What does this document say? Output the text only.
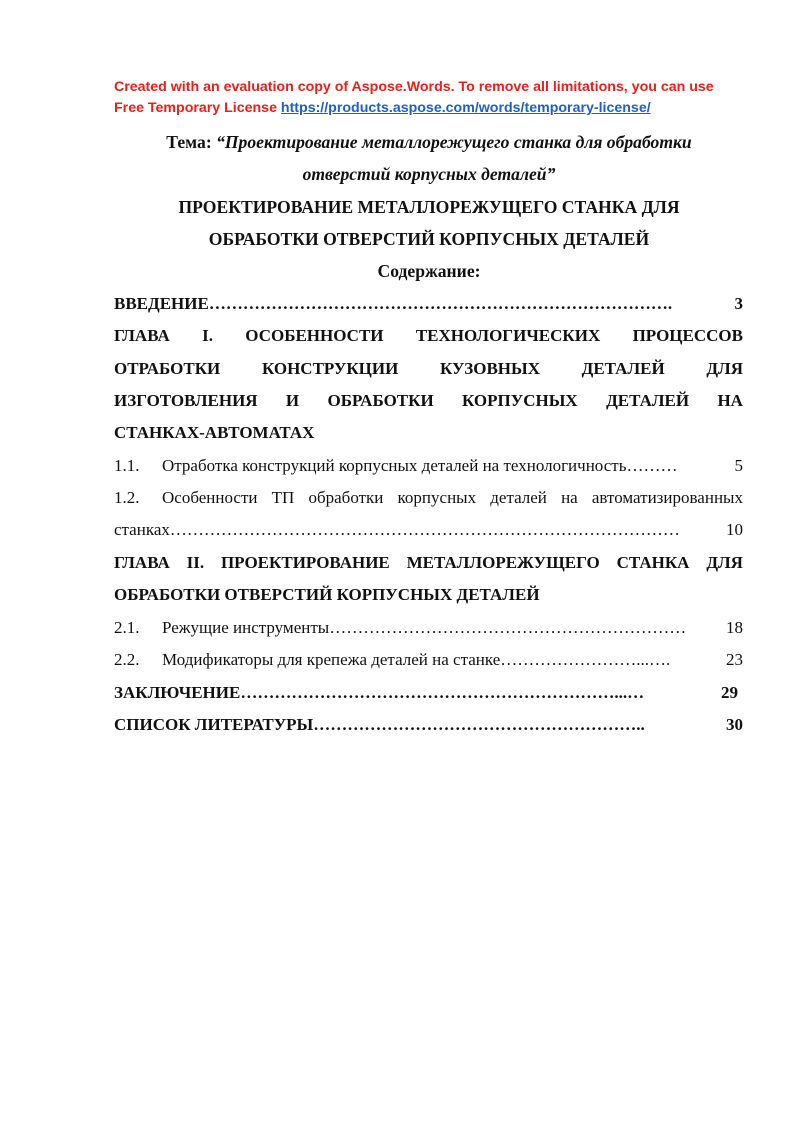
Created with an evaluation copy of Aspose.Words. To remove all limitations, you can use
Free Temporary License https://products.aspose.com/words/temporary-license/
Тема: “Проектирование металлорежущего станка для обработки
отверстий корпусных деталей”
ПРОЕКТИРОВАНИЕ МЕТАЛЛОРЕЖУЩЕГО СТАНКА ДЛЯ
ОБРАБОТКИ ОТВЕРСТИЙ КОРПУСНЫХ ДЕТАЛЕЙ
Содержание:
ВВЕДЕНИЕ ……………………………………………………………………….	3
ГЛАВА I. ОСОБЕННОСТИ ТЕХНОЛОГИЧЕСКИХ ПРОЦЕССОВ
ОТРАБОТКИ КОНСТРУКЦИИ КУЗОВНЫХ ДЕТАЛЕЙ ДЛЯ
ИЗГОТОВЛЕНИЯ И ОБРАБОТКИ КОРПУСНЫХ ДЕТАЛЕЙ НА
СТАНКАХ-АВТОМАТАХ
1.1.	Отработка конструкций корпусных деталей на технологичность ………	5
1.2.	Особенности ТП обработки корпусных деталей на автоматизированных
станках ………………………………………………………………………………	10
ГЛАВА II. ПРОЕКТИРОВАНИЕ МЕТАЛЛОРЕЖУЩЕГО СТАНКА ДЛЯ
ОБРАБОТКИ ОТВЕРСТИЙ КОРПУСНЫХ ДЕТАЛЕЙ
2.1.	Режущие инструменты ………………………………………………………	18
2.2.	Модификаторы для крепежа деталей на станке ……………………...….	23
ЗАКЛЮЧЕНИЕ …………………………………………………………...…	29
СПИСОК ЛИТЕРАТУРЫ …………………………………………………..	30
